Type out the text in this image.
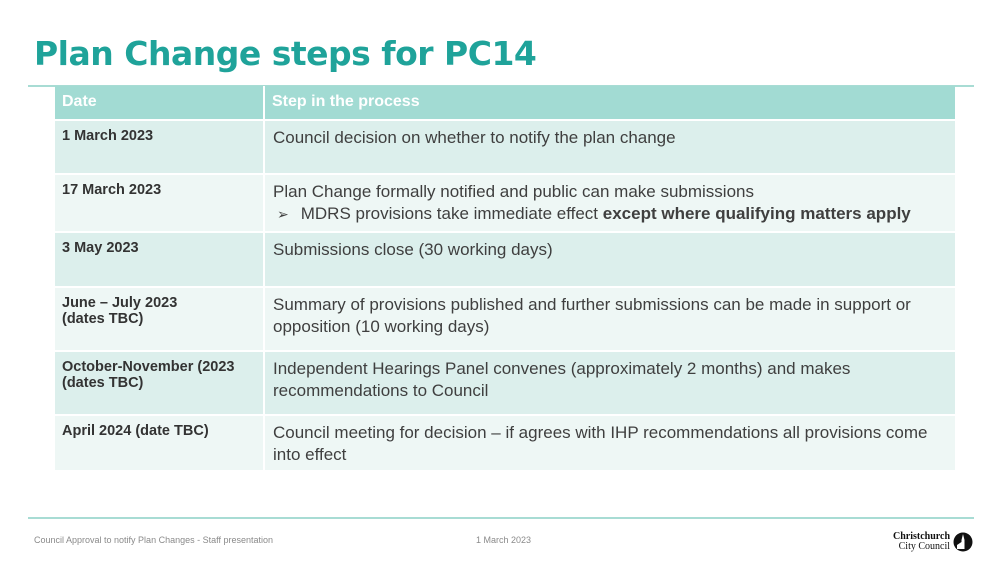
Plan Change steps for PC14
Date	Step in the process
1 March 2023	Council decision on whether to notify the plan change
17 March 2023	Plan Change formally notified and public can make submissions
➢ MDRS provisions take immediate effect except where qualifying matters apply

3 May 2023	Submissions close (30 working days)

June – July 2023
(dates TBC)	Summary of provisions published and further submissions can be made in support or opposition (10 working days)

October-November (2023
(dates TBC)	Independent Hearings Panel convenes (approximately 2 months) and makes recommendations to Council
April 2024 (date TBC)	Council meeting for decision – if agrees with IHP recommendations all provisions come into effect
Council Approval to notify Plan Changes - Staff presentation	1 March 2023	Christchurch
City Council
